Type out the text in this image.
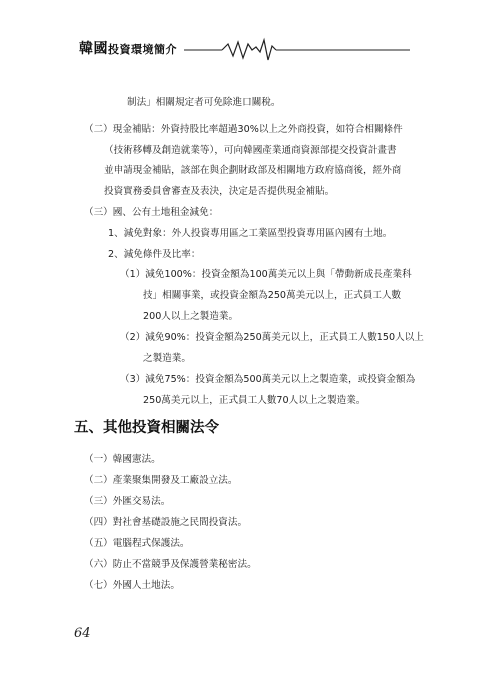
韓國投資環境簡介
制法」相關規定者可免除進口關稅。
（二）現金補貼：外資持股比率超過30%以上之外商投資，如符合相關條件
（技術移轉及創造就業等），可向韓國產業通商資源部提交投資計畫書
並申請現金補貼，該部在與企劃財政部及相關地方政府協商後，經外商
投資實務委員會審查及表決，決定是否提供現金補貼。
（三）國、公有土地租金減免：
1、減免對象：外人投資專用區之工業區型投資專用區內國有土地。
2、減免條件及比率：
（1）減免100%：投資金額為100萬美元以上與「帶動新成長產業科
技」相關事業，或投資金額為250萬美元以上，正式員工人數
200人以上之製造業。
（2）減免90%：投資金額為250萬美元以上，正式員工人數150人以上
之製造業。
（3）減免75%：投資金額為500萬美元以上之製造業，或投資金額為
250萬美元以上，正式員工人數70人以上之製造業。
五、其他投資相關法令
（一）韓國憲法。
（二）產業聚集開發及工廠設立法。
（三）外匯交易法。
（四）對社會基礎設施之民間投資法。
（五）電腦程式保護法。
（六）防止不當競爭及保護營業秘密法。
（七）外國人土地法。
64
